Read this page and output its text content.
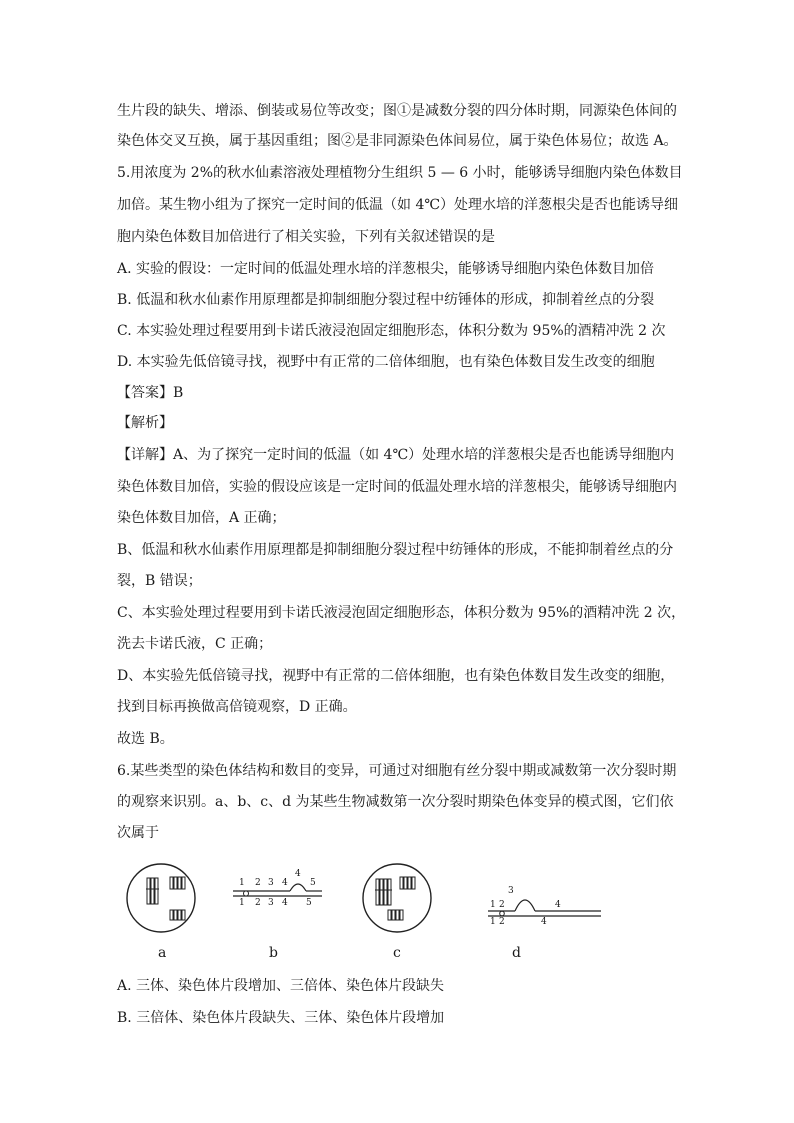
生片段的缺失、增添、倒装或易位等改变；图①是减数分裂的四分体时期，同源染色体间的
染色体交叉互换，属于基因重组；图②是非同源染色体间易位，属于染色体易位；故选 A。
5.用浓度为 2%的秋水仙素溶液处理植物分生组织 5 — 6 小时，能够诱导细胞内染色体数目
加倍。某生物小组为了探究一定时间的低温（如 4℃）处理水培的洋葱根尖是否也能诱导细
胞内染色体数目加倍进行了相关实验，下列有关叙述错误的是
A. 实验的假设：一定时间的低温处理水培的洋葱根尖，能够诱导细胞内染色体数目加倍
B. 低温和秋水仙素作用原理都是抑制细胞分裂过程中纺锤体的形成，抑制着丝点的分裂
C. 本实验处理过程要用到卡诺氏液浸泡固定细胞形态，体积分数为 95%的酒精冲洗 2 次
D. 本实验先低倍镜寻找，视野中有正常的二倍体细胞，也有染色体数目发生改变的细胞
【答案】B
【解析】
【详解】A、为了探究一定时间的低温（如 4℃）处理水培的洋葱根尖是否也能诱导细胞内
染色体数目加倍，实验的假设应该是一定时间的低温处理水培的洋葱根尖，能够诱导细胞内
染色体数目加倍，A 正确；
B、低温和秋水仙素作用原理都是抑制细胞分裂过程中纺锤体的形成，不能抑制着丝点的分
裂，B 错误；
C、本实验处理过程要用到卡诺氏液浸泡固定细胞形态，体积分数为 95%的酒精冲洗 2 次，
洗去卡诺氏液，C 正确；
D、本实验先低倍镜寻找，视野中有正常的二倍体细胞，也有染色体数目发生改变的细胞，
找到目标再换做高倍镜观察，D 正确。
故选 B。
6.某些类型的染色体结构和数目的变异，可通过对细胞有丝分裂中期或减数第一次分裂时期
的观察来识别。a、b、c、d 为某些生物减数第一次分裂时期染色体变异的模式图，它们依
次属于
1 2 3 4
4
5
1 2 3 4 5	1 2
3
4
1 2	4
a	b	c	d
A. 三体、染色体片段增加、三倍体、染色体片段缺失
B. 三倍体、染色体片段缺失、三体、染色体片段增加
